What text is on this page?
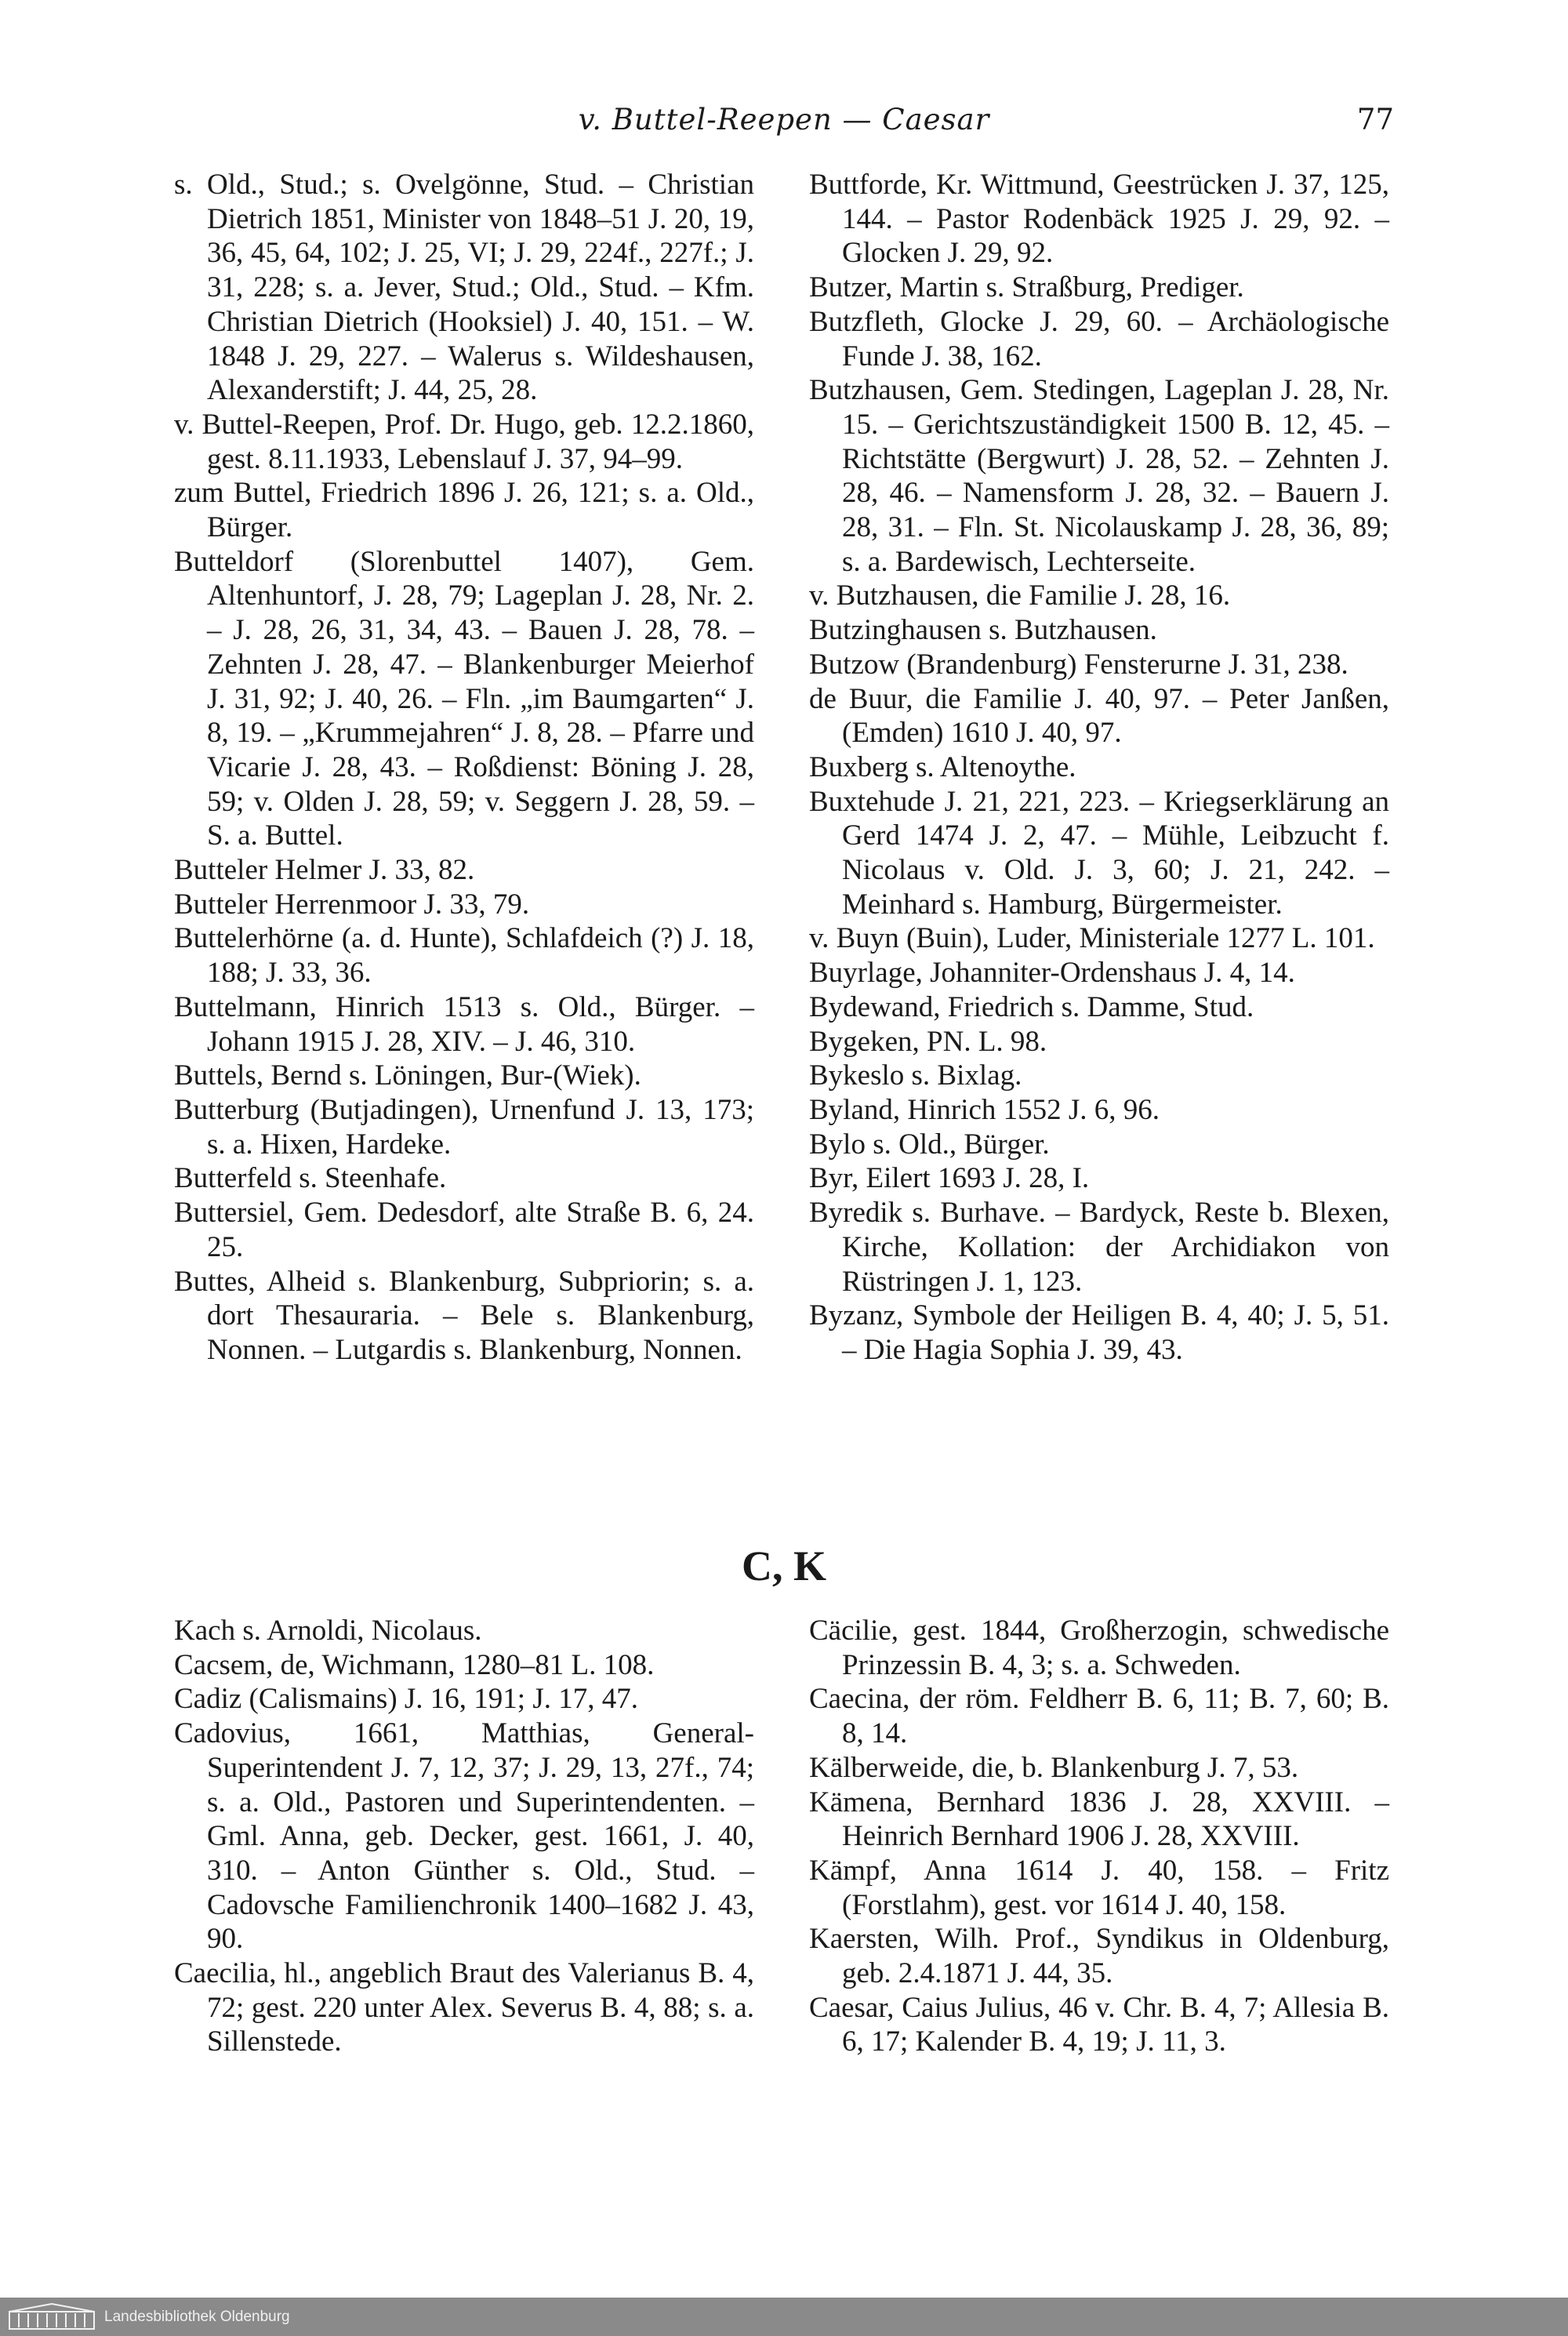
v. Buttel-Reepen — Caesar	77

s. Old., Stud.; s. Ovelgönne, Stud. – Christian Dietrich 1851, Minister von 1848–51 J. 20, 19, 36, 45, 64, 102; J. 25, VI; J. 29, 224f., 227f.; J. 31, 228; s. a. Jever, Stud.; Old., Stud. – Kfm. Christian Dietrich (Hooksiel) J. 40, 151. – W. 1848 J. 29, 227. – Walerus s. Wildeshausen, Alexanderstift; J. 44, 25, 28.

v. Buttel-Reepen, Prof. Dr. Hugo, geb. 12.2.1860, gest. 8.11.1933, Lebenslauf J. 37, 94–99.

zum Buttel, Friedrich 1896 J. 26, 121; s. a. Old., Bürger.

Butteldorf (Slorenbuttel 1407), Gem. Altenhuntorf, J. 28, 79; Lageplan J. 28, Nr. 2. – J. 28, 26, 31, 34, 43. – Bauen J. 28, 78. – Zehnten J. 28, 47. – Blankenburger Meierhof J. 31, 92; J. 40, 26. – Fln. „im Baumgarten“ J. 8, 19. – „Krummejahren“ J. 8, 28. – Pfarre und Vicarie J. 28, 43. – Roßdienst: Böning J. 28, 59; v. Olden J. 28, 59; v. Seggern J. 28, 59. – S. a. Buttel.

Butteler Helmer J. 33, 82.

Butteler Herrenmoor J. 33, 79.

Buttelerhörne (a. d. Hunte), Schlafdeich (?) J. 18, 188; J. 33, 36.

Buttelmann, Hinrich 1513 s. Old., Bürger. – Johann 1915 J. 28, XIV. – J. 46, 310.

Buttels, Bernd s. Löningen, Bur-(Wiek).

Butterburg (Butjadingen), Urnenfund J. 13, 173; s. a. Hixen, Hardeke.

Butterfeld s. Steenhafe.

Buttersiel, Gem. Dedesdorf, alte Straße B. 6, 24. 25.

Buttes, Alheid s. Blankenburg, Subpriorin; s. a. dort Thesauraria. – Bele s. Blankenburg, Nonnen. – Lutgardis s. Blankenburg, Nonnen.

Buttforde, Kr. Wittmund, Geestrücken J. 37, 125, 144. – Pastor Rodenbäck 1925 J. 29, 92. – Glocken J. 29, 92.

Butzer, Martin s. Straßburg, Prediger.

Butzfleth, Glocke J. 29, 60. – Archäologische Funde J. 38, 162.

Butzhausen, Gem. Stedingen, Lageplan J. 28, Nr. 15. – Gerichtszuständigkeit 1500 B. 12, 45. – Richtstätte (Bergwurt) J. 28, 52. – Zehnten J. 28, 46. – Namensform J. 28, 32. – Bauern J. 28, 31. – Fln. St. Nicolauskamp J. 28, 36, 89; s. a. Bardewisch, Lechterseite.

v. Butzhausen, die Familie J. 28, 16.

Butzinghausen s. Butzhausen.

Butzow (Brandenburg) Fensterurne J. 31, 238.

de Buur, die Familie J. 40, 97. – Peter Janßen, (Emden) 1610 J. 40, 97.

Buxberg s. Altenoythe.

Buxtehude J. 21, 221, 223. – Kriegserklärung an Gerd 1474 J. 2, 47. – Mühle, Leibzucht f. Nicolaus v. Old. J. 3, 60; J. 21, 242. – Meinhard s. Hamburg, Bürgermeister.

v. Buyn (Buin), Luder, Ministeriale 1277 L. 101.

Buyrlage, Johanniter-Ordenshaus J. 4, 14.

Bydewand, Friedrich s. Damme, Stud.

Bygeken, PN. L. 98.

Bykeslo s. Bixlag.

Byland, Hinrich 1552 J. 6, 96.

Bylo s. Old., Bürger.

Byr, Eilert 1693 J. 28, I.

Byredik s. Burhave. – Bardyck, Reste b. Blexen, Kirche, Kollation: der Archidiakon von Rüstringen J. 1, 123.

Byzanz, Symbole der Heiligen B. 4, 40; J. 5, 51. – Die Hagia Sophia J. 39, 43.

C, K

Kach s. Arnoldi, Nicolaus.

Cacsem, de, Wichmann, 1280–81 L. 108.

Cadiz (Calismains) J. 16, 191; J. 17, 47.

Cadovius, 1661, Matthias, General-Superintendent J. 7, 12, 37; J. 29, 13, 27f., 74; s. a. Old., Pastoren und Superintendenten. – Gml. Anna, geb. Decker, gest. 1661, J. 40, 310. – Anton Günther s. Old., Stud. – Cadovsche Familienchronik 1400–1682 J. 43, 90.

Caecilia, hl., angeblich Braut des Valerianus B. 4, 72; gest. 220 unter Alex. Severus B. 4, 88; s. a. Sillenstede.

Cäcilie, gest. 1844, Großherzogin, schwedische Prinzessin B. 4, 3; s. a. Schweden.

Caecina, der röm. Feldherr B. 6, 11; B. 7, 60; B. 8, 14.

Kälberweide, die, b. Blankenburg J. 7, 53.

Kämena, Bernhard 1836 J. 28, XXVIII. – Heinrich Bernhard 1906 J. 28, XXVIII.

Kämpf, Anna 1614 J. 40, 158. – Fritz (Forstlahm), gest. vor 1614 J. 40, 158.

Kaersten, Wilh. Prof., Syndikus in Oldenburg, geb. 2.4.1871 J. 44, 35.

Caesar, Caius Julius, 46 v. Chr. B. 4, 7; Allesia B. 6, 17; Kalender B. 4, 19; J. 11, 3.

Landesbibliothek Oldenburg
